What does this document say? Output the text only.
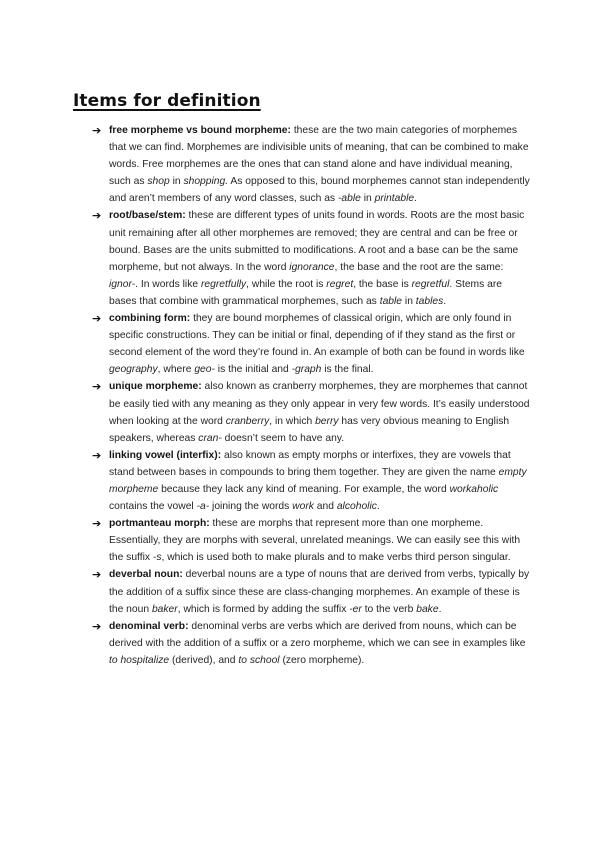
Items for definition
➔ free morpheme vs bound morpheme: these are the two main categories of morphemes that we can find. Morphemes are indivisible units of meaning, that can be combined to make words. Free morphemes are the ones that can stand alone and have individual meaning, such as shop in shopping. As opposed to this, bound morphemes cannot stan independently and aren’t members of any word classes, such as -able in printable.
➔ root/base/stem: these are different types of units found in words. Roots are the most basic unit remaining after all other morphemes are removed; they are central and can be free or bound. Bases are the units submitted to modifications. A root and a base can be the same morpheme, but not always. In the word ignorance, the base and the root are the same: ignor-. In words like regretfully, while the root is regret, the base is regretful. Stems are bases that combine with grammatical morphemes, such as table in tables.
➔ combining form: they are bound morphemes of classical origin, which are only found in specific constructions. They can be initial or final, depending of if they stand as the first or second element of the word they’re found in. An example of both can be found in words like geography, where geo- is the initial and -graph is the final.
➔ unique morpheme: also known as cranberry morphemes, they are morphemes that cannot be easily tied with any meaning as they only appear in very few words. It’s easily understood when looking at the word cranberry, in which berry has very obvious meaning to English speakers, whereas cran- doesn’t seem to have any.
➔ linking vowel (interfix): also known as empty morphs or interfixes, they are vowels that stand between bases in compounds to bring them together. They are given the name empty morpheme because they lack any kind of meaning. For example, the word workaholic contains the vowel -a- joining the words work and alcoholic.
➔ portmanteau morph: these are morphs that represent more than one morpheme. Essentially, they are morphs with several, unrelated meanings. We can easily see this with the suffix -s, which is used both to make plurals and to make verbs third person singular.
➔ deverbal noun: deverbal nouns are a type of nouns that are derived from verbs, typically by the addition of a suffix since these are class-changing morphemes. An example of these is the noun baker, which is formed by adding the suffix -er to the verb bake.
➔ denominal verb: denominal verbs are verbs which are derived from nouns, which can be derived with the addition of a suffix or a zero morpheme, which we can see in examples like to hospitalize (derived), and to school (zero morpheme).
